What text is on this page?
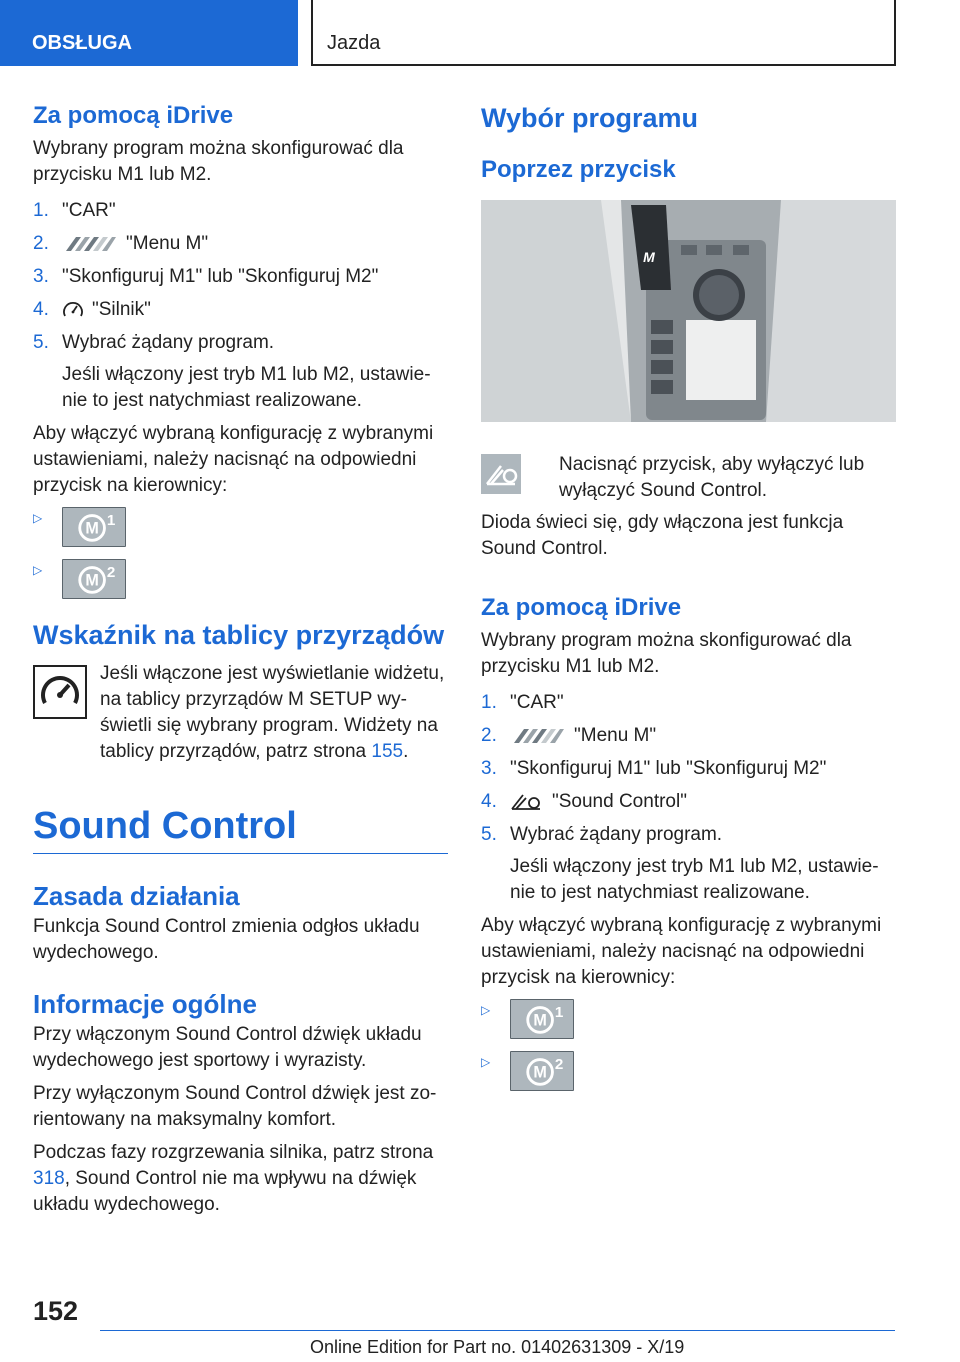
OBSŁUGA	Jazda
Za pomocą iDrive

Wybrany program można skonfigurować dla przycisku M1 lub M2.

1. "CAR"
2.	"Menu M"
3. "Skonfiguruj M1" lub "Skonfiguruj M2"
4. "Silnik"
5. Wybrać żądany program.

Jeśli włączony jest tryb M1 lub M2, ustawienie to jest natychmiast realizowane.

Aby włączyć wybraną konfigurację z wybranymi ustawieniami, należy nacisnąć na odpowiedni przycisk na kierownicy:

▷
M 1
▷
M 2
Wskaźnik na tablicy przyrządów
Jeśli włączone jest wyświetlanie widżetu, na tablicy przyrządów M SETUP wyświetli się wybrany program. Widżety na tablicy przyrządów, patrz strona 155.
Sound Control
Zasada działania

Funkcja Sound Control zmienia odgłos układu wydechowego.

Informacje ogólne

Przy włączonym Sound Control dźwięk układu wydechowego jest sportowy i wyrazisty.

Przy wyłączonym Sound Control dźwięk jest zorientowany na maksymalny komfort.

Podczas fazy rozgrzewania silnika, patrz strona 318, Sound Control nie ma wpływu na dźwięk układu wydechowego.

Wybór programu
Poprzez przycisk
M
Nacisnąć przycisk, aby wyłączyć lub wyłączyć Sound Control.

Dioda świeci się, gdy włączona jest funkcja Sound Control.

Za pomocą iDrive

Wybrany program można skonfigurować dla przycisku M1 lub M2.

1. "CAR"
2.	"Menu M"
3. "Skonfiguruj M1" lub "Skonfiguruj M2"
4.	"Sound Control"
5. Wybrać żądany program.

Jeśli włączony jest tryb M1 lub M2, ustawienie to jest natychmiast realizowane.

Aby włączyć wybraną konfigurację z wybranymi ustawieniami, należy nacisnąć na odpowiedni przycisk na kierownicy:

▷
M 1
▷
M 2
152
Online Edition for Part no. 01402631309 - X/19
